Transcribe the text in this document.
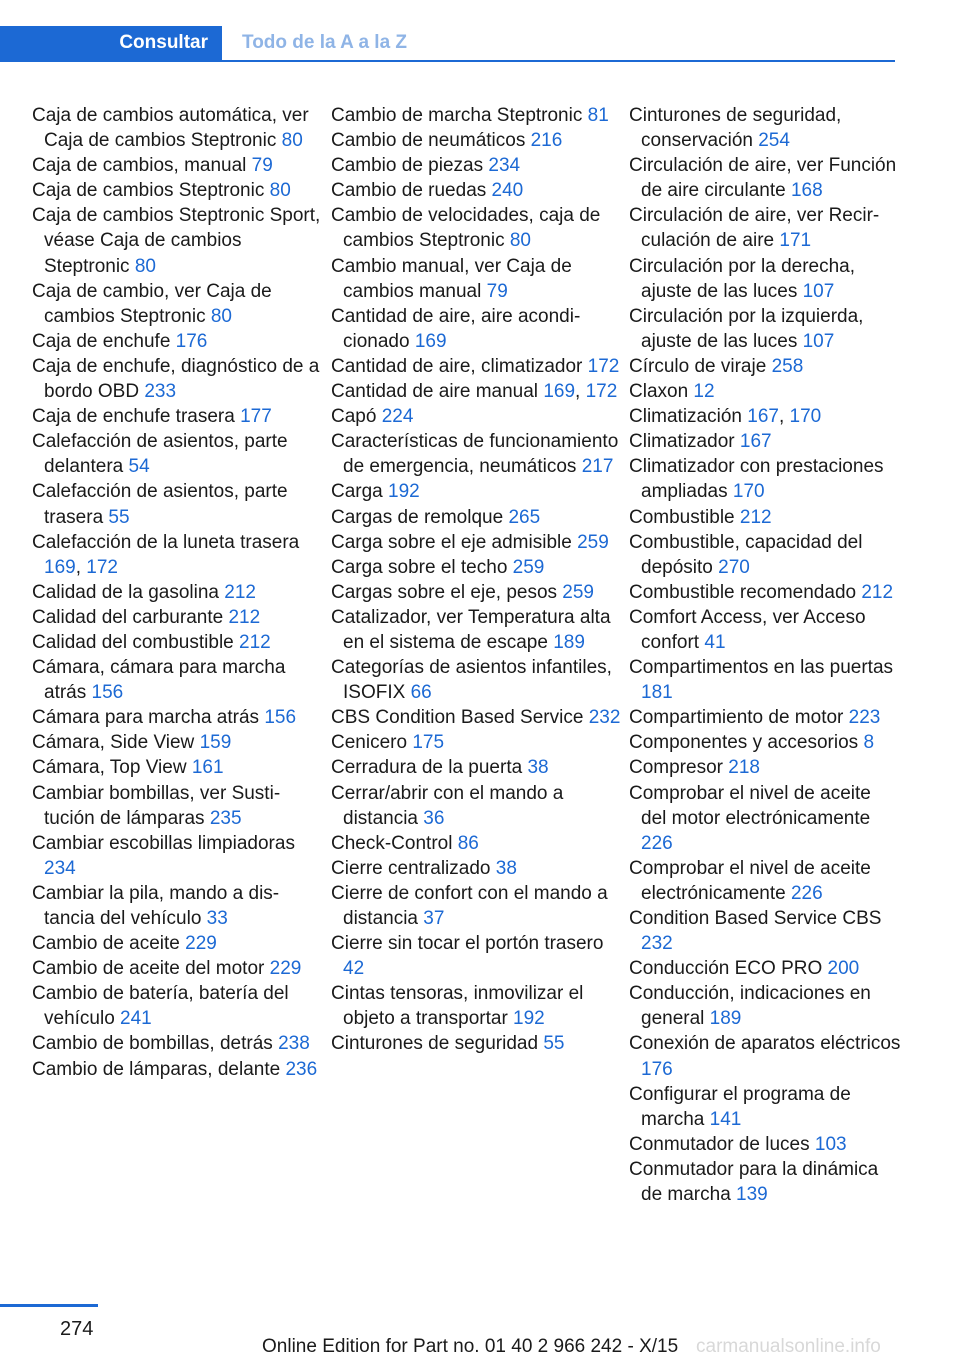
Consultar Todo de la A a la Z
Caja de cambios automática, ver Caja de cambios Steptronic 80
Caja de cambios, manual 79
Caja de cambios Steptronic 80
Caja de cambios Steptronic Sport, véase Caja de cambios Steptronic 80
Caja de cambio, ver Caja de cambios Steptronic 80
Caja de enchufe 176
Caja de enchufe, diagnóstico de a bordo OBD 233
Caja de enchufe trasera 177
Calefacción de asientos, parte delantera 54
Calefacción de asientos, parte trasera 55
Calefacción de la luneta trasera 169, 172
Calidad de la gasolina 212
Calidad del carburante 212
Calidad del combustible 212
Cámara, cámara para marcha atrás 156
Cámara para marcha atrás 156
Cámara, Side View 159
Cámara, Top View 161
Cambiar bombillas, ver Sustitución de lámparas 235
Cambiar escobillas limpiadoras 234
Cambiar la pila, mando a distancia del vehículo 33
Cambio de aceite 229
Cambio de aceite del motor 229
Cambio de batería, batería del vehículo 241
Cambio de bombillas, detrás 238
Cambio de lámparas, delante 236
Cambio de marcha Steptronic 81
Cambio de neumáticos 216
Cambio de piezas 234
Cambio de ruedas 240
Cambio de velocidades, caja de cambios Steptronic 80
Cambio manual, ver Caja de cambios manual 79
Cantidad de aire, aire acondicionado 169
Cantidad de aire, climatizador 172
Cantidad de aire manual 169, 172
Capó 224
Características de funcionamiento de emergencia, neumáticos 217
Carga 192
Cargas de remolque 265
Carga sobre el eje admisible 259
Carga sobre el techo 259
Cargas sobre el eje, pesos 259
Catalizador, ver Temperatura alta en el sistema de escape 189
Categorías de asientos infantiles, ISOFIX 66
CBS Condition Based Service 232
Cenicero 175
Cerradura de la puerta 38
Cerrar/abrir con el mando a distancia 36
Check-Control 86
Cierre centralizado 38
Cierre de confort con el mando a distancia 37
Cierre sin tocar el portón trasero 42
Cintas tensoras, inmovilizar el objeto a transportar 192
Cinturones de seguridad 55
Cinturones de seguridad, conservación 254
Circulación de aire, ver Función de aire circulante 168
Circulación de aire, ver Recirculación de aire 171
Circulación por la derecha, ajuste de las luces 107
Circulación por la izquierda, ajuste de las luces 107
Círculo de viraje 258
Claxon 12
Climatización 167, 170
Climatizador 167
Climatizador con prestaciones ampliadas 170
Combustible 212
Combustible, capacidad del depósito 270
Combustible recomendado 212
Comfort Access, ver Acceso confort 41
Compartimentos en las puertas 181
Compartimiento de motor 223
Componentes y accesorios 8
Compresor 218
Comprobar el nivel de aceite del motor electrónicamente 226
Comprobar el nivel de aceite electrónicamente 226
Condition Based Service CBS 232
Conducción ECO PRO 200
Conducción, indicaciones en general 189
Conexión de aparatos eléctricos 176
Configurar el programa de marcha 141
Conmutador de luces 103
Conmutador para la dinámica de marcha 139
274
Online Edition for Part no. 01 40 2 966 242 - X/15 carmanualsonline.info
